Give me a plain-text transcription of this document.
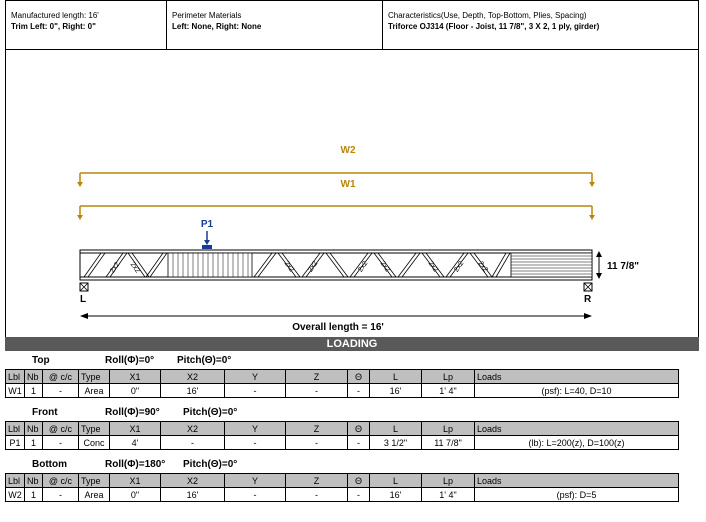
Manufactured length: 16'
Trim Left: 0", Right: 0"
Perimeter Materials
Left: None, Right: None
Characteristics(Use, Depth, Top-Bottom, Plies, Spacing)
Triforce OJ314 (Floor - Joist, 11 7/8", 3 X 2, 1 ply, girder)
W2
W1
P1
2x2 2x2	2x2 2x2	2x2 2x2	2x2 2x2 2x2	11 7/8"
L	R
Overall length = 16'
LOADING
Top	Roll(Φ)=0° Pitch(Θ)=0°
Lbl	Nb	@ c/c	Type	X1	X2	Y	Z	Θ	L	Lp	Loads
W1	1	-	Area	0"	16'	-	-	-	16'	1' 4"	(psf): L=40, D=10
Front	Roll(Φ)=90° Pitch(Θ)=0°
Lbl	Nb	@ c/c	Type	X1	X2	Y	Z	Θ	L	Lp	Loads
P1	1	-	Conc	4'	-	-	-	-	3 1/2"	11 7/8"	(lb): L=200(z), D=100(z)
Bottom	Roll(Φ)=180° Pitch(Θ)=0°
Lbl	Nb	@ c/c	Type	X1	X2	Y	Z	Θ	L	Lp	Loads
W2	1	-	Area	0"	16'	-	-	-	16'	1' 4"	(psf): D=5
